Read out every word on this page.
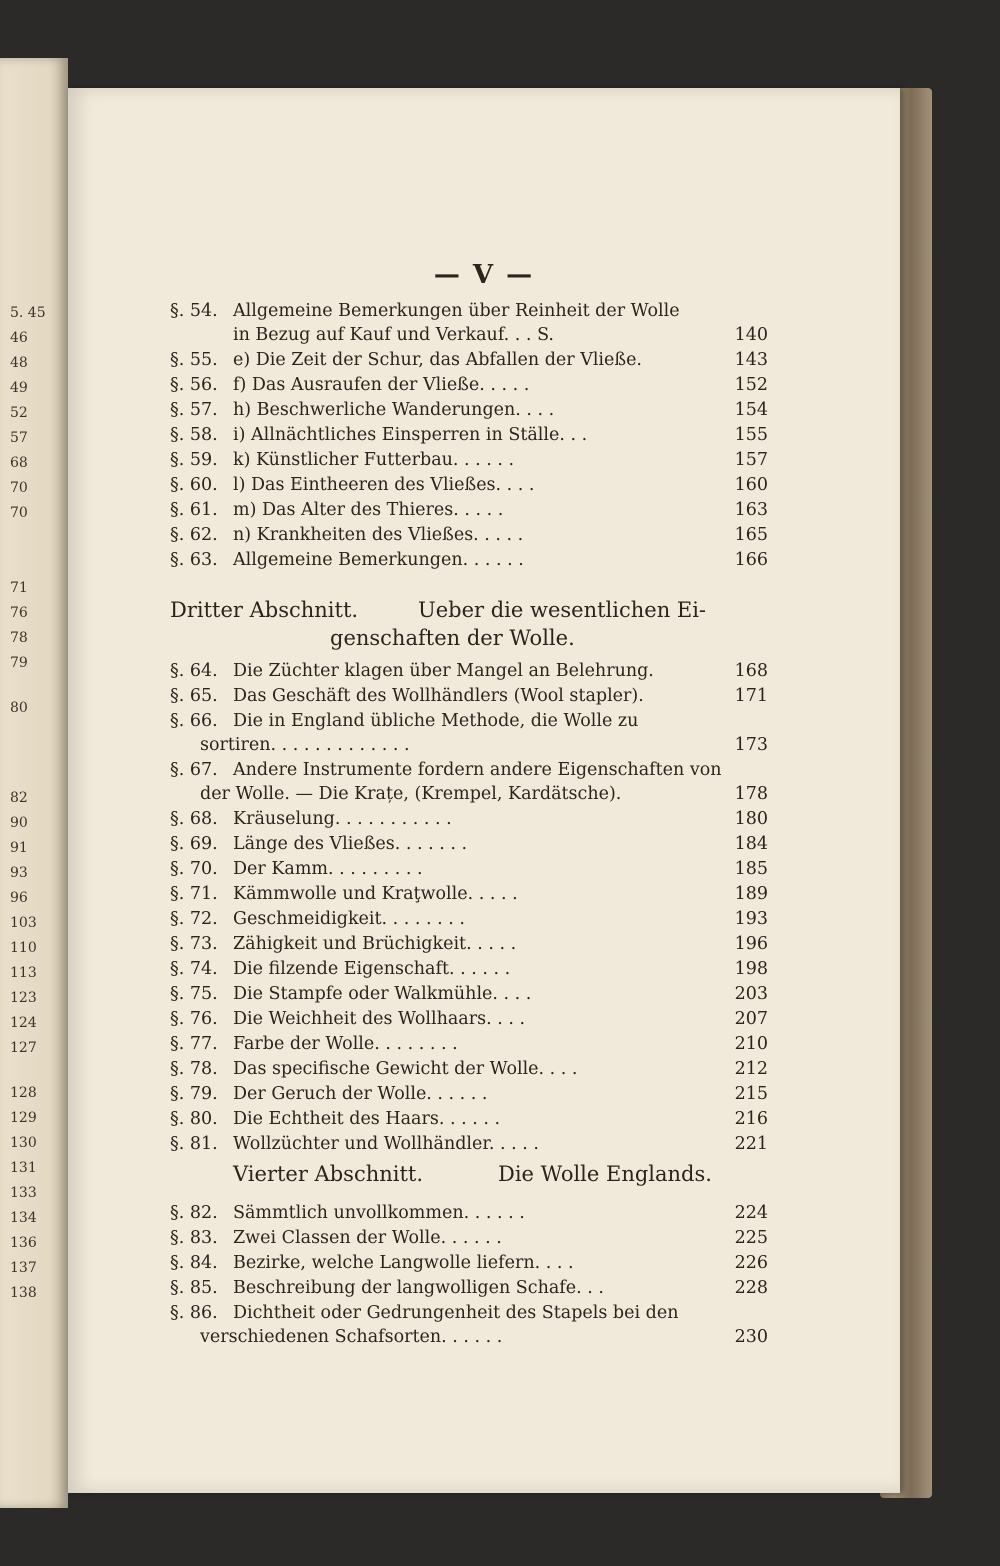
5. 45
46
48
49
52
57
68
70
70
71
76
78
79
80
82
90
91
93
96
103
110
113
123
124
127
128
129
130
131
133
134
136
137
138
— V —
Dritter Abschnitt.	Ueber die wesentlichen Ei-
genschaften der Wolle.
Vierter Abschnitt.	Die Wolle Englands.
§. 54. Allgemeine Bemerkungen über Reinheit der Wolle
in Bezug auf Kauf und Verkauf. . . S.	140
§. 55. e) Die Zeit der Schur, das Abfallen der Vließe.	143
§. 56. f) Das Ausraufen der Vließe. . . . .	152
§. 57. h) Beschwerliche Wanderungen. . . .	154
§. 58. i) Allnächtliches Einsperren in Ställe. . .	155
§. 59. k) Künstlicher Futterbau. . . . . .	157
§. 60. l) Das Eintheeren des Vließes. . . .	160
§. 61. m) Das Alter des Thieres. . . . .	163
§. 62. n) Krankheiten des Vließes. . . . .	165
§. 63. Allgemeine Bemerkungen. . . . . .	166
§. 64. Die Züchter klagen über Mangel an Belehrung.	168
§. 65. Das Geschäft des Wollhändlers (Wool stapler).	171
§. 66. Die in England übliche Methode, die Wolle zu
sortiren. . . . . . . . . . . . .	173
§. 67. Andere Instrumente fordern andere Eigenschaften von
der Wolle. — Die Krațe, (Krempel, Kardätsche).	178
§. 68. Kräuselung. . . . . . . . . . .	180
§. 69. Länge des Vließes. . . . . . .	184
§. 70. Der Kamm. . . . . . . . .	185
§. 71. Kämmwolle und Kraţwolle. . . . .	189
§. 72. Geschmeidigkeit. . . . . . . .	193
§. 73. Zähigkeit und Brüchigkeit. . . . .	196
§. 74. Die filzende Eigenschaft. . . . . .	198
§. 75. Die Stampfe oder Walkmühle. . . .	203
§. 76. Die Weichheit des Wollhaars. . . .	207
§. 77. Farbe der Wolle. . . . . . . .	210
§. 78. Das specifische Gewicht der Wolle. . . .	212
§. 79. Der Geruch der Wolle. . . . . .	215
§. 80. Die Echtheit des Haars. . . . . .	216
§. 81. Wollzüchter und Wollhändler. . . . .	221
§. 82. Sämmtlich unvollkommen. . . . . .	224
§. 83. Zwei Classen der Wolle. . . . . .	225
§. 84. Bezirke, welche Langwolle liefern. . . .	226
§. 85. Beschreibung der langwolligen Schafe. . .	228
§. 86. Dichtheit oder Gedrungenheit des Stapels bei den
verschiedenen Schafsorten. . . . . .	230
